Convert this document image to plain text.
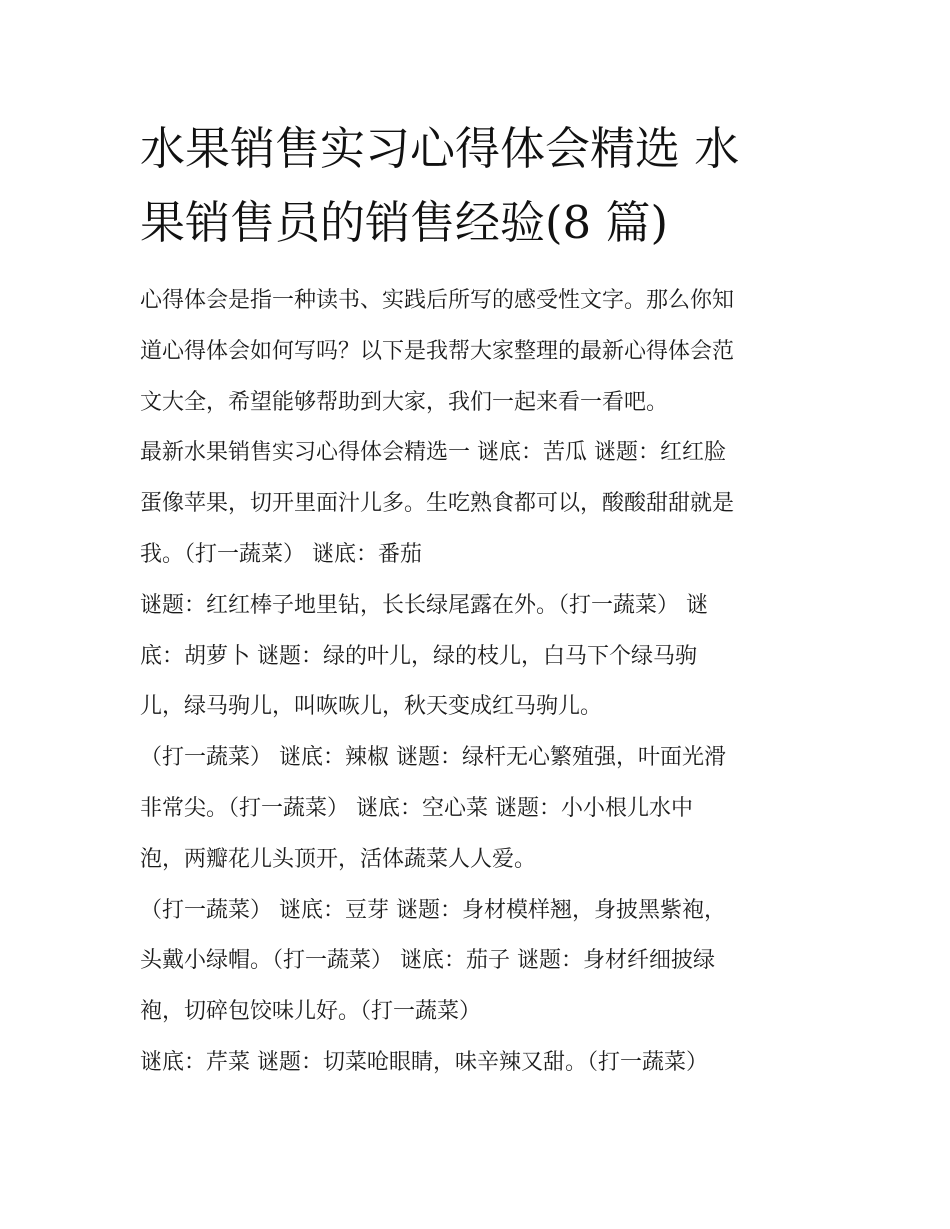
水果销售实习心得体会精选 水
果销售员的销售经验(8 篇)
心得体会是指一种读书、实践后所写的感受性文字。那么你知
道心得体会如何写吗？以下是我帮大家整理的最新心得体会范
文大全，希望能够帮助到大家，我们一起来看一看吧。
最新水果销售实习心得体会精选一 谜底：苦瓜 谜题：红红脸
蛋像苹果，切开里面汁儿多。生吃熟食都可以，酸酸甜甜就是
我。（打一蔬菜） 谜底：番茄
谜题：红红棒子地里钻，长长绿尾露在外。（打一蔬菜） 谜
底：胡萝卜 谜题：绿的叶儿，绿的枝儿，白马下个绿马驹
儿，绿马驹儿，叫咴咴儿，秋天变成红马驹儿。
（打一蔬菜） 谜底：辣椒 谜题：绿杆无心繁殖强，叶面光滑
非常尖。（打一蔬菜） 谜底：空心菜 谜题：小小根儿水中
泡，两瓣花儿头顶开，活体蔬菜人人爱。
（打一蔬菜） 谜底：豆芽 谜题：身材模样翘，身披黑紫袍，
头戴小绿帽。（打一蔬菜） 谜底：茄子 谜题：身材纤细披绿
袍，切碎包饺味儿好。（打一蔬菜）
谜底：芹菜 谜题：切菜呛眼睛，味辛辣又甜。（打一蔬菜）
